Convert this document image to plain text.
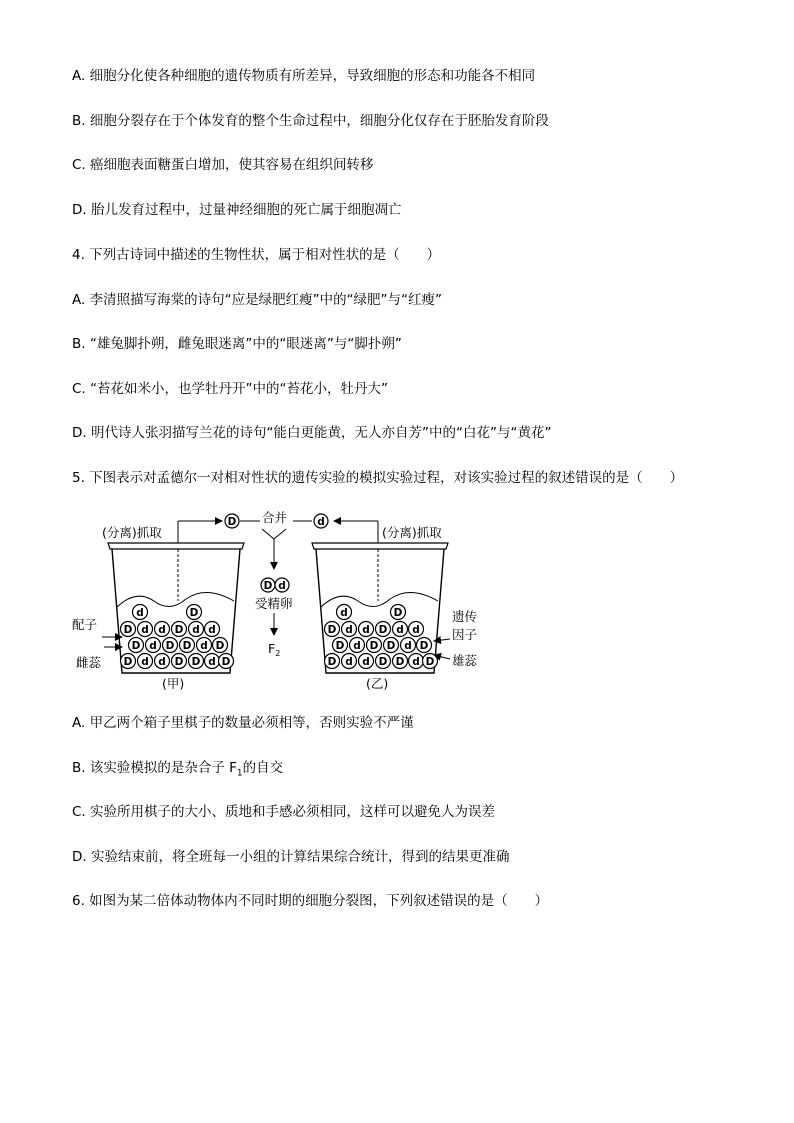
A. 细胞分化使各种细胞的遗传物质有所差异，导致细胞的形态和功能各不相同
B. 细胞分裂存在于个体发育的整个生命过程中，细胞分化仅存在于胚胎发育阶段
C. 癌细胞表面糖蛋白增加，使其容易在组织间转移
D. 胎儿发育过程中，过量神经细胞的死亡属于细胞凋亡
4. 下列古诗词中描述的生物性状，属于相对性状的是（　　）
A. 李清照描写海棠的诗句“应是绿肥红瘦”中的“绿肥”与“红瘦”
B. “雄兔脚扑朔，雌兔眼迷离”中的“眼迷离”与“脚扑朔”
C. “苔花如米小，也学牡丹开”中的“苔花小，牡丹大”
D. 明代诗人张羽描写兰花的诗句“能白更能黄，无人亦自芳”中的“白花”与“黄花”
5. 下图表示对孟德尔一对相对性状的遗传实验的模拟实验过程，对该实验过程的叙述错误的是（　　）
(分离)抓取
D 合并	d
(分离)抓取
D d
受精卵
$F_2$
d	D
D d d D d d
D d D D d D
D d d D D d D
配子
雌蕊
(甲)
d	D
D d d D d d
D d D D d D
D d d D D d D
遗传
因子
雄蕊
(乙)
A. 甲乙两个箱子里棋子的数量必须相等，否则实验不严谨
B. 该实验模拟的是杂合子 $F_1$的自交
C. 实验所用棋子的大小、质地和手感必须相同，这样可以避免人为误差
D. 实验结束前，将全班每一小组的计算结果综合统计，得到的结果更准确
6. 如图为某二倍体动物体内不同时期的细胞分裂图，下列叙述错误的是（　　）
